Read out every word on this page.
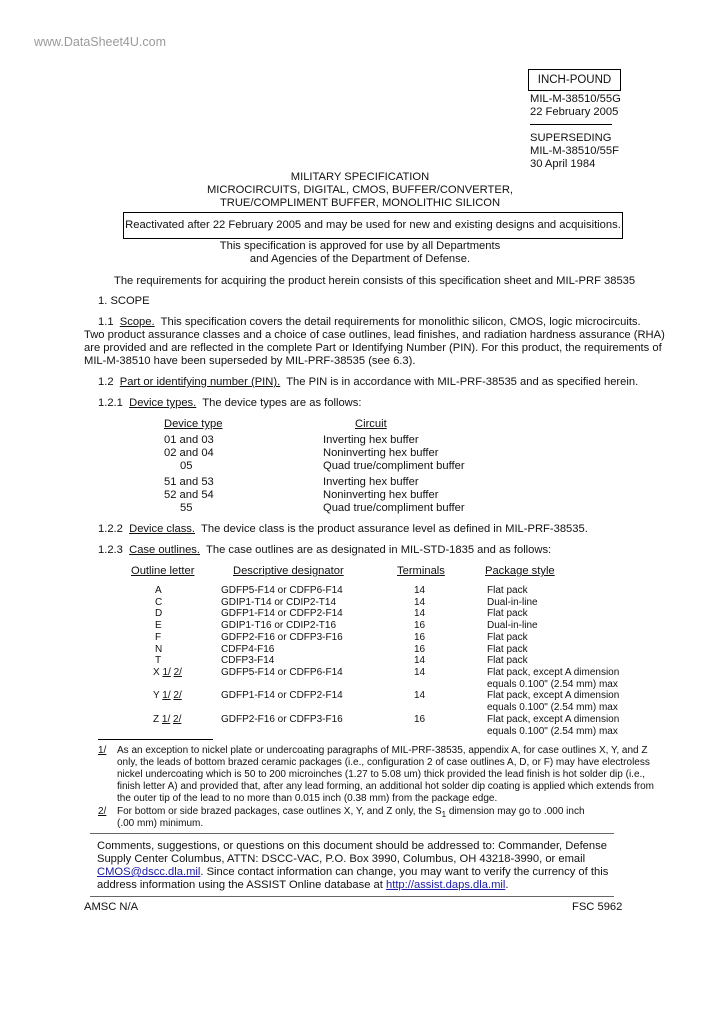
www.DataSheet4U.com
INCH-POUND
MIL-M-38510/55G
22 February 2005
SUPERSEDING
MIL-M-38510/55F
30 April 1984
MILITARY SPECIFICATION
MICROCIRCUITS, DIGITAL, CMOS, BUFFER/CONVERTER,
TRUE/COMPLIMENT BUFFER, MONOLITHIC SILICON
Reactivated after 22 February 2005 and may be used for new and existing designs and acquisitions.
This specification is approved for use by all Departments
and Agencies of the Department of Defense.
The requirements for acquiring the product herein consists of this specification sheet and MIL-PRF 38535
1. SCOPE
1.1 Scope. This specification covers the detail requirements for monolithic silicon, CMOS, logic microcircuits.
Two product assurance classes and a choice of case outlines, lead finishes, and radiation hardness assurance (RHA)
are provided and are reflected in the complete Part or Identifying Number (PIN). For this product, the requirements of
MIL-M-38510 have been superseded by MIL-PRF-38535 (see 6.3).
1.2 Part or identifying number (PIN). The PIN is in accordance with MIL-PRF-38535 and as specified herein.
1.2.1 Device types. The device types are as follows:
Device type	Circuit
01 and 03	Inverting hex buffer
02 and 04	Noninverting hex buffer
05	Quad true/compliment buffer
51 and 53	Inverting hex buffer
52 and 54	Noninverting hex buffer
55	Quad true/compliment buffer
1.2.2 Device class. The device class is the product assurance level as defined in MIL-PRF-38535.
1.2.3 Case outlines. The case outlines are as designated in MIL-STD-1835 and as follows:
Outline letter	Descriptive designator	Terminals	Package style
A	GDFP5-F14 or CDFP6-F14	14	Flat pack
C	GDIP1-T14 or CDIP2-T14	14	Dual-in-line
D	GDFP1-F14 or CDFP2-F14	14	Flat pack
E	GDIP1-T16 or CDIP2-T16	16	Dual-in-line
F	GDFP2-F16 or CDFP3-F16	16	Flat pack
N	CDFP4-F16	16	Flat pack
T	CDFP3-F14	14	Flat pack
X 1/ 2/	GDFP5-F14 or CDFP6-F14	14	Flat pack, except A dimension
equals 0.100" (2.54 mm) max
Y 1/ 2/	GDFP1-F14 or CDFP2-F14	14	Flat pack, except A dimension
equals 0.100" (2.54 mm) max
Z 1/ 2/	GDFP2-F16 or CDFP3-F16	16	Flat pack, except A dimension
equals 0.100" (2.54 mm) max
1/ As an exception to nickel plate or undercoating paragraphs of MIL-PRF-38535, appendix A, for case outlines X, Y, and Z
only, the leads of bottom brazed ceramic packages (i.e., configuration 2 of case outlines A, D, or F) may have electroless
nickel undercoating which is 50 to 200 microinches (1.27 to 5.08 um) thick provided the lead finish is hot solder dip (i.e.,
finish letter A) and provided that, after any lead forming, an additional hot solder dip coating is applied which extends from
the outer tip of the lead to no more than 0.015 inch (0.38 mm) from the package edge.
2/ For bottom or side brazed packages, case outlines X, Y, and Z only, the $S_1$ dimension may go to .000 inch
(.00 mm) minimum.
Comments, suggestions, or questions on this document should be addressed to: Commander, Defense
Supply Center Columbus, ATTN: DSCC-VAC, P.O. Box 3990, Columbus, OH 43218-3990, or email
CMOS@dscc.dla.mil. Since contact information can change, you may want to verify the currency of this
address information using the ASSIST Online database at http://assist.daps.dla.mil.
AMSC N/A	FSC 5962
